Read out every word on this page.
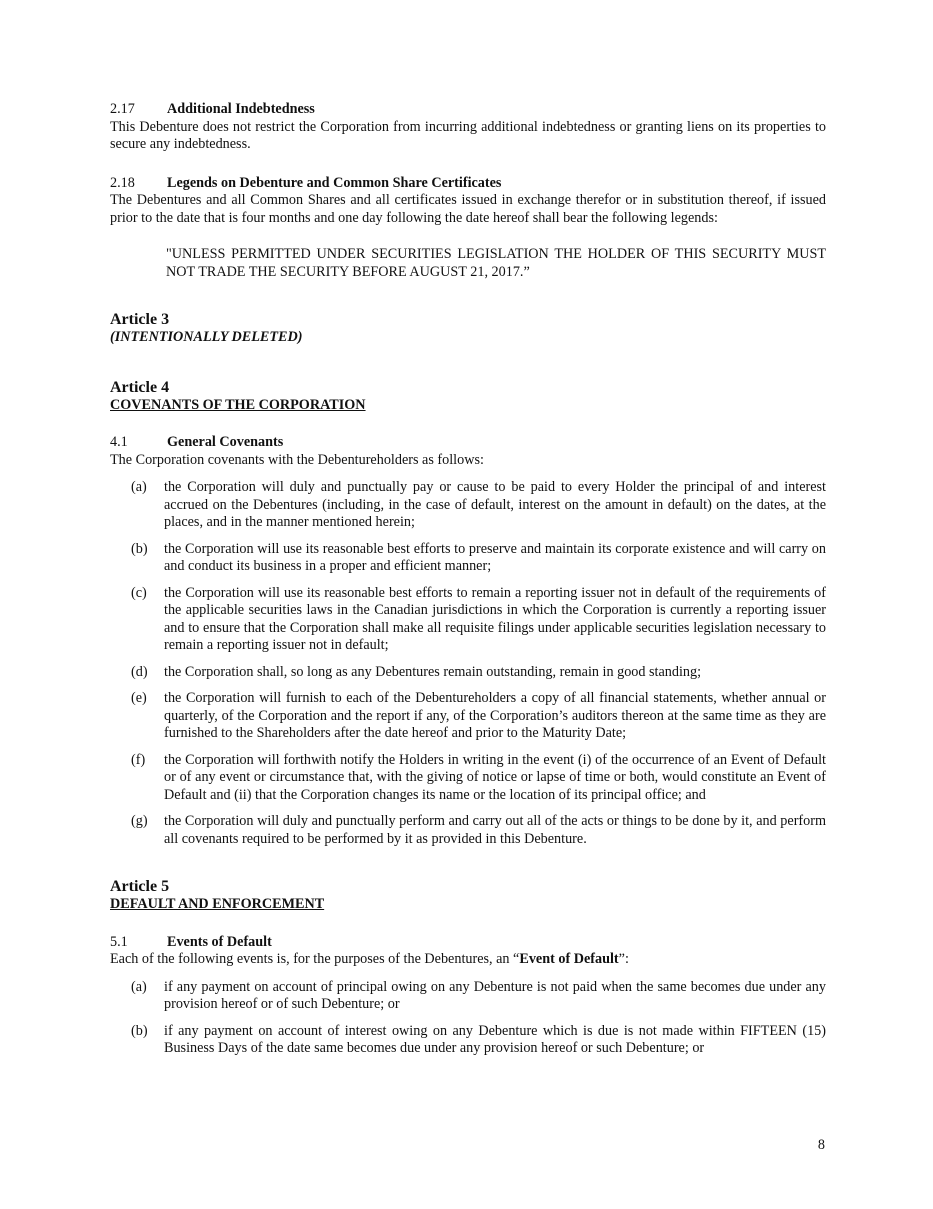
2.17 Additional Indebtedness

This Debenture does not restrict the Corporation from incurring additional indebtedness or granting liens on its properties to secure any indebtedness.

2.18 Legends on Debenture and Common Share Certificates

The Debentures and all Common Shares and all certificates issued in exchange therefor or in substitution thereof, if issued prior to the date that is four months and one day following the date hereof shall bear the following legends:

"UNLESS PERMITTED UNDER SECURITIES LEGISLATION THE HOLDER OF THIS SECURITY MUST NOT TRADE THE SECURITY BEFORE AUGUST 21, 2017.”

Article 3
(INTENTIONALLY DELETED)
Article 4
COVENANTS OF THE CORPORATION
4.1	General Covenants

The Corporation covenants with the Debentureholders as follows:

(a)	the Corporation will duly and punctually pay or cause to be paid to every Holder the principal of and interest accrued on the Debentures (including, in the case of default, interest on the amount in default) on the dates, at the places, and in the manner mentioned herein;
(b)	the Corporation will use its reasonable best efforts to preserve and maintain its corporate existence and will carry on and conduct its business in a proper and efficient manner;
(c)	the Corporation will use its reasonable best efforts to remain a reporting issuer not in default of the requirements of the applicable securities laws in the Canadian jurisdictions in which the Corporation is currently a reporting issuer and to ensure that the Corporation shall make all requisite filings under applicable securities legislation necessary to remain a reporting issuer not in default;
(d)	the Corporation shall, so long as any Debentures remain outstanding, remain in good standing;
(e)	the Corporation will furnish to each of the Debentureholders a copy of all financial statements, whether annual or quarterly, of the Corporation and the report if any, of the Corporation’s auditors thereon at the same time as they are furnished to the Shareholders after the date hereof and prior to the Maturity Date;
(f)	the Corporation will forthwith notify the Holders in writing in the event (i) of the occurrence of an Event of Default or of any event or circumstance that, with the giving of notice or lapse of time or both, would constitute an Event of Default and (ii) that the Corporation changes its name or the location of its principal office; and
(g)	the Corporation will duly and punctually perform and carry out all of the acts or things to be done by it, and perform all covenants required to be performed by it as provided in this Debenture.
Article 5
DEFAULT AND ENFORCEMENT
5.1	Events of Default

Each of the following events is, for the purposes of the Debentures, an “Event of Default”:

(a)	if any payment on account of principal owing on any Debenture is not paid when the same becomes due under any provision hereof or of such Debenture; or
(b)	if any payment on account of interest owing on any Debenture which is due is not made within FIFTEEN (15) Business Days of the date same becomes due under any provision hereof or such Debenture; or
8
